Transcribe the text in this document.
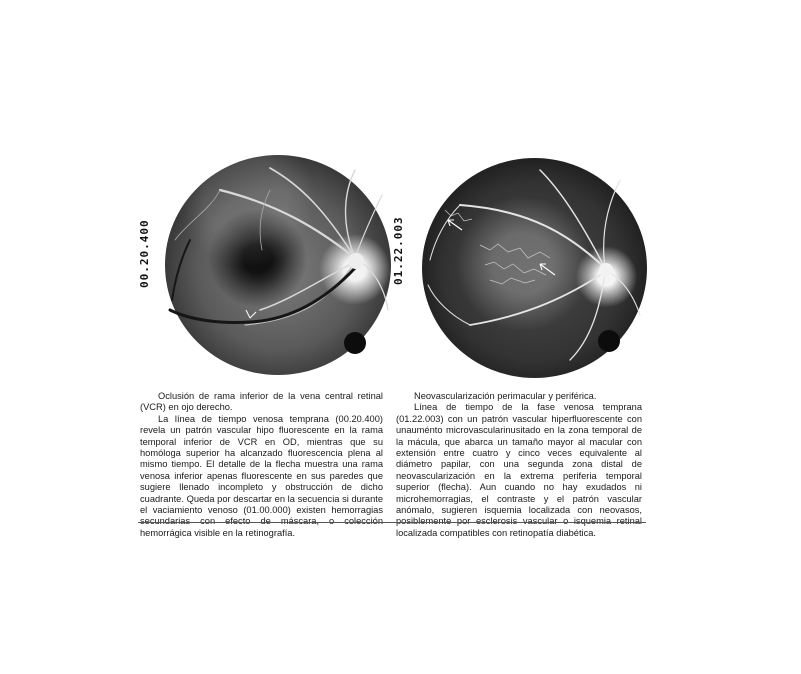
00.20.400	01.22.003

Oclusión de rama inferior de la vena central retinal (VCR) en ojo derecho.

La línea de tiempo venosa temprana (00.20.400) revela un patrón vascular hipo fluorescente en la rama temporal inferior de VCR en OD, mientras que su homóloga superior ha alcanzado fluorescencia plena al mismo tiempo. El detalle de la flecha muestra una rama venosa inferior apenas fluorescente en sus paredes que sugiere llenado incompleto y obstrucción de dicho cuadrante. Queda por descartar en la secuencia si durante el vaciamiento venoso (01.00.000) existen hemorragias secundarias con efecto de máscara, o colección hemorrágica visible en la retinografía.

Neovascularización perimacular y periférica.

Línea de tiempo de la fase venosa temprana (01.22.003) con un patrón vascular hiperfluorescente con unauménto microvascularinusitado en la zona temporal de la mácula, que abarca un tamaño mayor al macular con extensión entre cuatro y cinco veces equivalente al diámetro papilar, con una segunda zona distal de neovascularización en la extrema periferia temporal superior (flecha). Aun cuando no hay exudados ni microhemorragias, el contraste y el patrón vascular anómalo, sugieren isquemia localizada con neovasos, posiblemente por esclerosis vascular o isquemia retinal localizada compatibles con retinopatía diabética.
